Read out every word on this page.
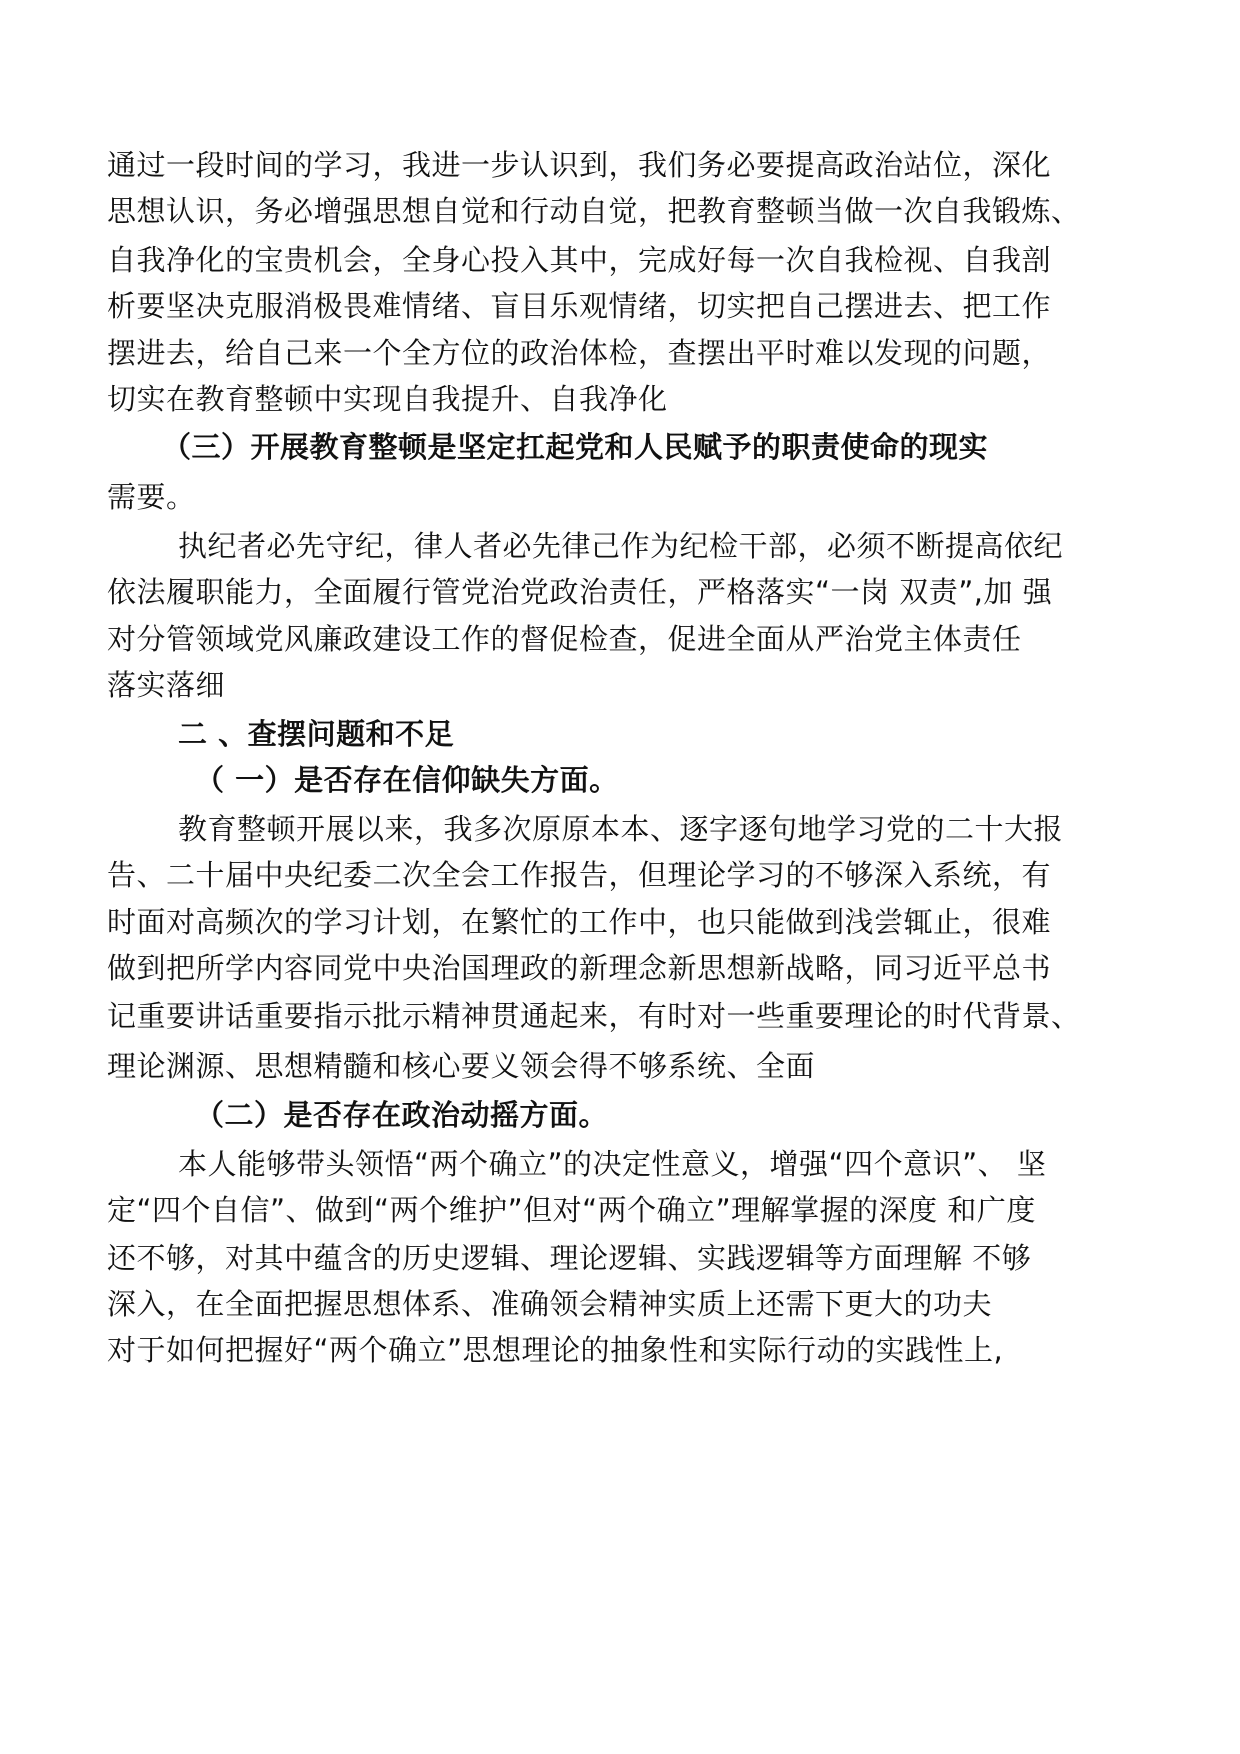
通过一段时间的学习，我进一步认识到，我们务必要提高政治站位，深化
思想认识，务必增强思想自觉和行动自觉，把教育整顿当做一次自我锻炼、
自我净化的宝贵机会，全身心投入其中，完成好每一次自我检视、自我剖
析要坚决克服消极畏难情绪、盲目乐观情绪，切实把自己摆进去、把工作
摆进去，给自己来一个全方位的政治体检，查摆出平时难以发现的问题，
切实在教育整顿中实现自我提升、自我净化
（三）开展教育整顿是坚定扛起党和人民赋予的职责使命的现实
需要。
执纪者必先守纪，律人者必先律己作为纪检干部，必须不断提高依纪
依法履职能力，全面履行管党治党政治责任，严格落实“一岗 双责”,加 强
对分管领域党风廉政建设工作的督促检查，促进全面从严治党主体责任
落实落细
二 、查摆问题和不足
（ 一）是否存在信仰缺失方面。
教育整顿开展以来，我多次原原本本、逐字逐句地学习党的二十大报
告、二十届中央纪委二次全会工作报告，但理论学习的不够深入系统，有
时面对高频次的学习计划，在繁忙的工作中，也只能做到浅尝辄止，很难
做到把所学内容同党中央治国理政的新理念新思想新战略，同习近平总书
记重要讲话重要指示批示精神贯通起来，有时对一些重要理论的时代背景、
理论渊源、思想精髓和核心要义领会得不够系统、全面
（二）是否存在政治动摇方面。
本人能够带头领悟“两个确立”的决定性意义，增强“四个意识”、 坚
定“四个自信”、做到“两个维护”但对“两个确立”理解掌握的深度 和广度
还不够，对其中蕴含的历史逻辑、理论逻辑、实践逻辑等方面理解 不够
深入，在全面把握思想体系、准确领会精神实质上还需下更大的功夫
对于如何把握好“两个确立”思想理论的抽象性和实际行动的实践性上,
